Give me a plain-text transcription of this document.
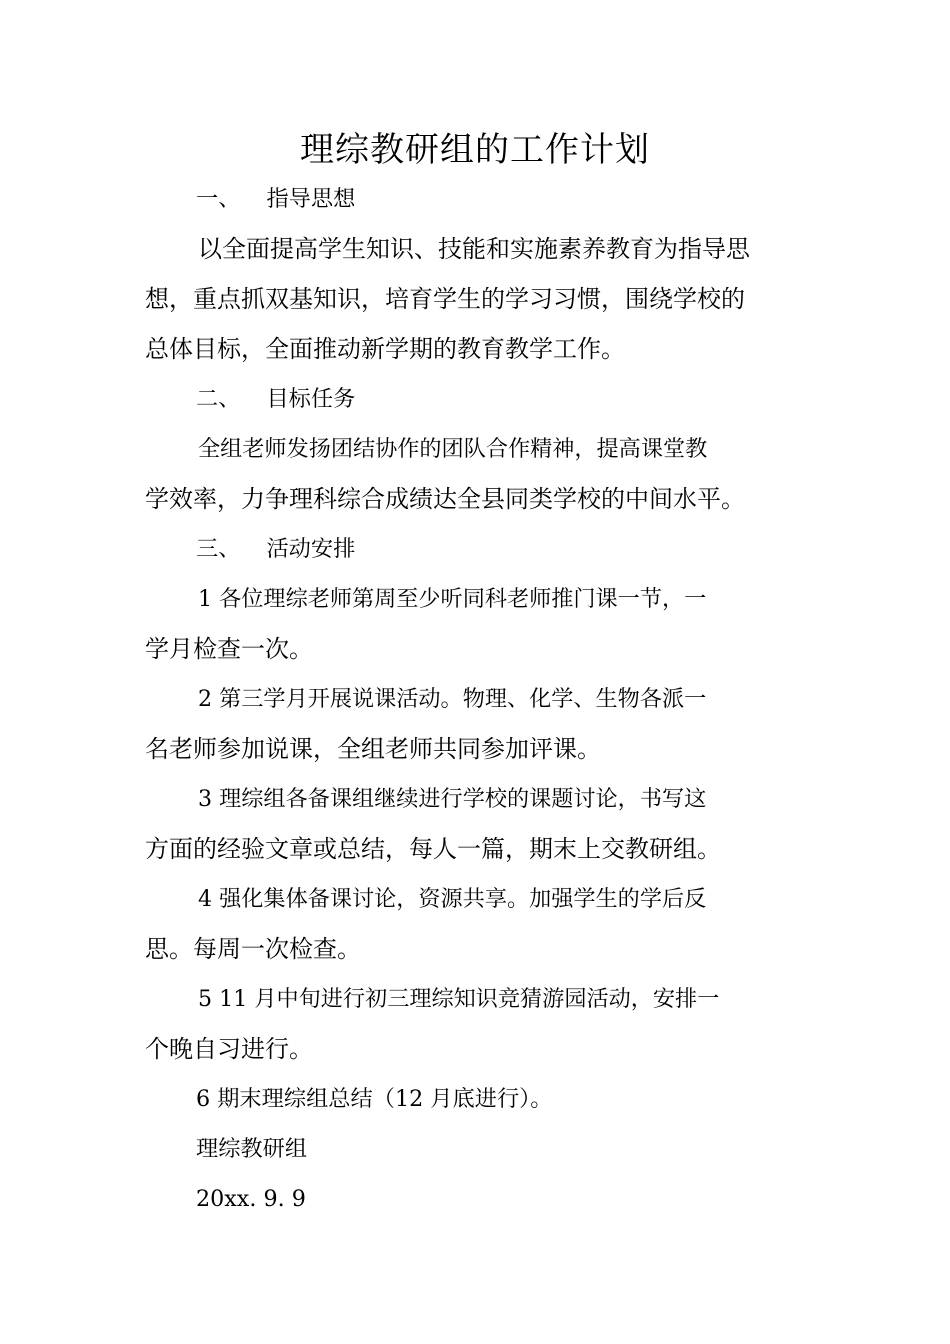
理综教研组的工作计划

一、 指导思想

以全面提高学生知识、技能和实施素养教育为指导思

想，重点抓双基知识，培育学生的学习习惯，围绕学校的

总体目标，全面推动新学期的教育教学工作。

二、 目标任务

全组老师发扬团结协作的团队合作精神，提高课堂教

学效率，力争理科综合成绩达全县同类学校的中间水平。

三、 活动安排

1 各位理综老师第周至少听同科老师推门课一节，一

学月检查一次。

2 第三学月开展说课活动。物理、化学、生物各派一

名老师参加说课，全组老师共同参加评课。

3 理综组各备课组继续进行学校的课题讨论，书写这

方面的经验文章或总结，每人一篇，期末上交教研组。

4 强化集体备课讨论，资源共享。加强学生的学后反

思。每周一次检查。

5 11 月中旬进行初三理综知识竞猜游园活动，安排一

个晚自习进行。

6 期末理综组总结（12 月底进行）。

理综教研组

20xx. 9. 9
